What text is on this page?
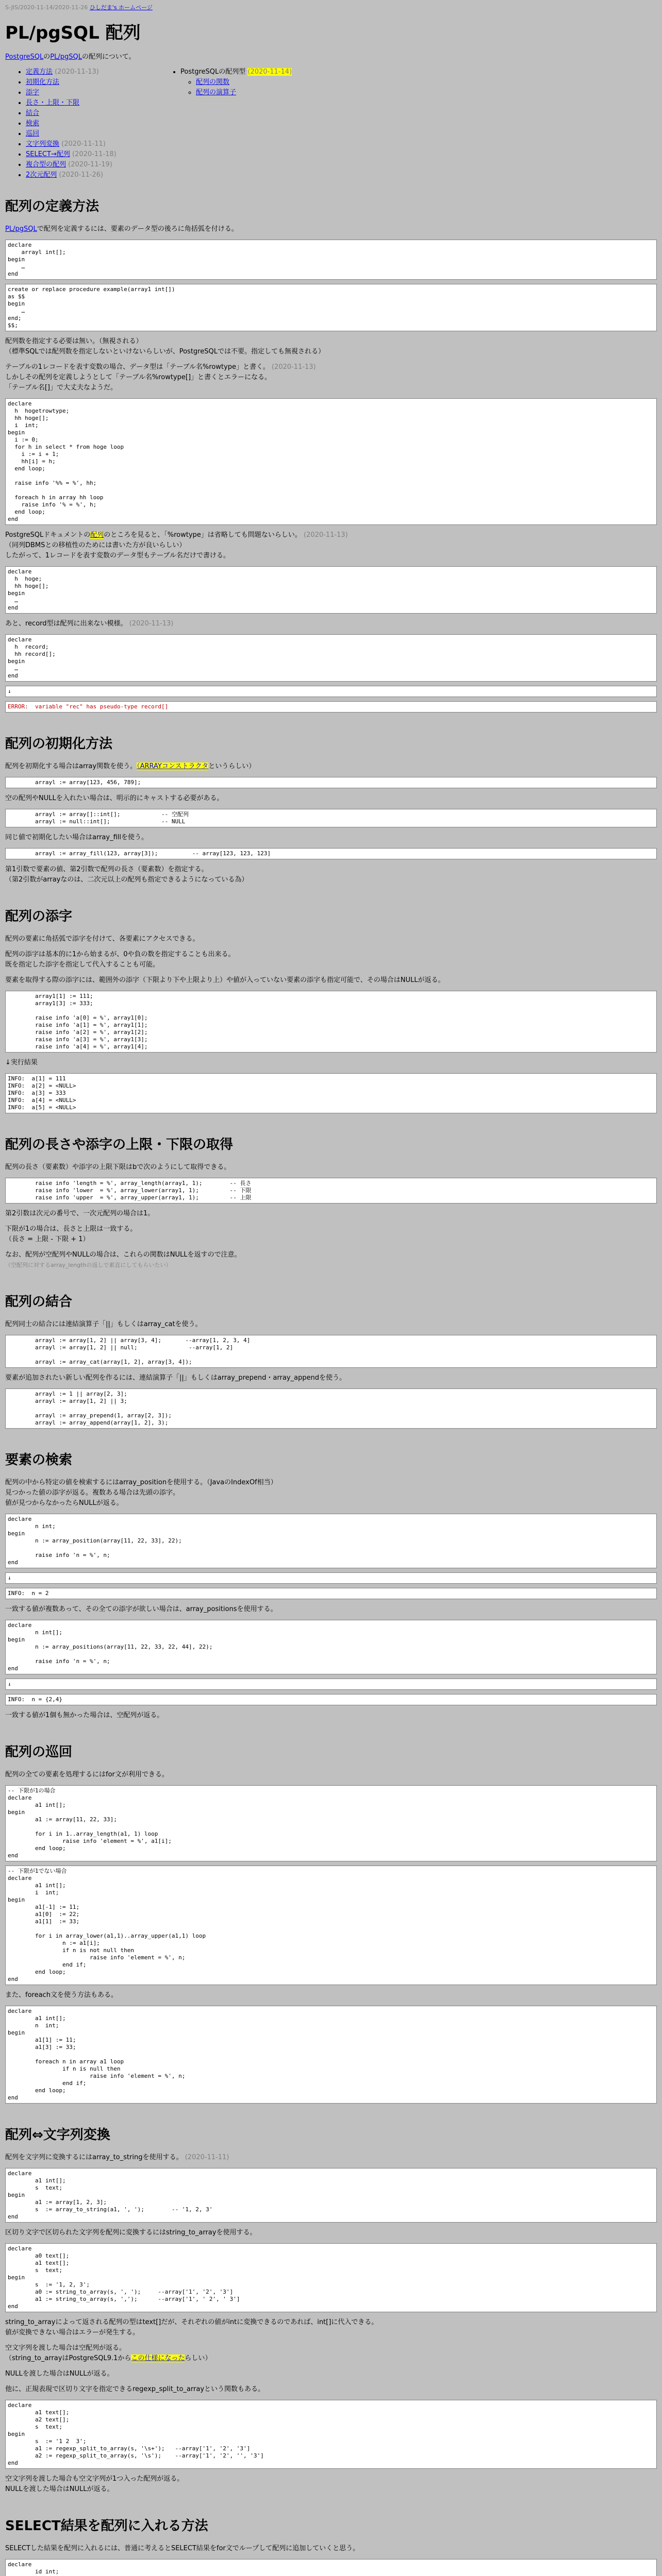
S-JIS/2020-11-14/2020-11-26 ひしだま's ホームページ
PL/pgSQL 配列
PostgreSQLのPL/pgSQLの配列について。
• 定義方法 (2020-11-13)
• 初期化方法
• 添字
• 長さ・上限・下限
• 結合
• 検索
• 巡回
• 文字列変換 (2020-11-11)
• SELECT→配列 (2020-11-18)
• 複合型の配列 (2020-11-19)
• 2次元配列 (2020-11-26)
• PostgreSQLの配列型 (2020-11-14)
◦ 配列の関数
◦ 配列の演算子
配列の定義方法

PL/pgSQLで配列を定義するには、要素のデータ型の後ろに角括弧を付ける。

declare
arrayl int[];
begin
…
end
create or replace procedure example(array1 int[])
as $$
begin
…
end;
$$;

配列数を指定する必要は無い。（無視される）
（標準SQLでは配列数を指定しないといけないらしいが、PostgreSQLでは不要。指定しても無視される）

テーブルの1レコードを表す変数の場合、データ型は「テーブル名%rowtype」と書く。 (2020-11-13)
しかしその配列を定義しようとして「テーブル名%rowtype[]」と書くとエラーになる。
「テーブル名[]」で大丈夫なようだ。

declare
h  hogetrowtype;
hh hoge[];
i  int;
begin
i := 0;
for h in select * from hoge loop
i := i + 1;
hh[i] = h;
end loop;

raise info '%% = %', hh;

foreach h in array hh loop
raise info '% = %', h;
end loop;
end

PostgreSQLドキュメントの配列のところを見ると、「%rowtype」は省略しても問題ないらしい。 (2020-11-13)
（同列DBMSとの移植性のためには書いた方が良いらしい）
したがって、1レコードを表す変数のデータ型もテーブル名だけで書ける。

declare
h  hoge;
hh hoge[];
begin
…
end

あと、record型は配列に出来ない模様。 (2020-11-13)

declare
h  record;
hh record[];
begin
…
end
↓
ERROR:  variable "rec" has pseudo-type record[]
配列の初期化方法

配列を初期化する場合はarray関数を使う。（ARRAYコンストラクタというらしい）

arrayl := array[123, 456, 789];

空の配列やNULLを入れたい場合は、明示的にキャストする必要がある。

arrayl := array[]::int[];            -- 空配列
arrayl := null::int[];               -- NULL

同じ値で初期化したい場合はarray_fillを使う。

arrayl := array_fill(123, array[3]);          -- array[123, 123, 123]

第1引数で要素の値、第2引数で配列の長さ（要素数）を指定する。
（第2引数がarrayなのは、二次元以上の配列も指定できるようになっている為）

配列の添字

配列の要素に角括弧で添字を付けて、各要素にアクセスできる。

配列の添字は基本的に1から始まるが、0や負の数を指定することも出来る。
既を指定した添字を指定して代入することも可能。

要素を取得する際の添字には、範囲外の添字（下限より下や上限より上）や値が入っていない要素の添字も指定可能で、その場合はNULLが返る。

array1[1] := 111;
array1[3] := 333;

raise info 'a[0] = %', array1[0];
raise info 'a[1] = %', array1[1];
raise info 'a[2] = %', array1[2];
raise info 'a[3] = %', array1[3];
raise info 'a[4] = %', array1[4];

↓実行結果

INFO:  a[1] = 111
INFO:  a[2] = <NULL>
INFO:  a[3] = 333
INFO:  a[4] = <NULL>
INFO:  a[5] = <NULL>
配列の長さや添字の上限・下限の取得

配列の長さ（要素数）や添字の上限下限はbで次のようにして取得できる。

raise info 'length = %', array_length(array1, 1);        -- 長さ
raise info 'lower  = %', array_lower(array1, 1);         -- 下限
raise info 'upper  = %', array_upper(array1, 1);         -- 上限

第2引数は次元の番号で、一次元配列の場合は1。

下限が1の場合は、長さと上限は一致する。
（長さ = 上限 - 下限 + 1）

なお、配列が空配列やNULLの場合は、これらの関数はNULLを返すので注意。
（空配列に対するarray_lengthの返しで素直にしてもらいたい）

配列の結合

配列同士の結合には連結演算子「||」もしくはarray_catを使う。

arrayl := array[1, 2] || array[3, 4];       --array[1, 2, 3, 4]
arrayl := array[1, 2] || null;               --array[1, 2]

arrayl := array_cat(array[1, 2], array[3, 4]);

要素が追加されたい新しい配列を作るには、連結演算子「||」もしくはarray_prepend・array_appendを使う。

arrayl := 1 || array[2, 3];
arrayl := array[1, 2] || 3;

arrayl := array_prepend(1, array[2, 3]);
arrayl := array_append(array[1, 2], 3);
要素の検索

配列の中から特定の値を検索するにはarray_positionを使用する。（JavaのIndexOf相当）
見つかった値の添字が返る。複数ある場合は先頭の添字。
値が見つからなかったらNULLが返る。

declare
n int;
begin
n := array_position(array[11, 22, 33], 22);

raise info 'n = %', n;
end
↓
INFO:  n = 2

一致する値が複数あって、その全ての添字が欲しい場合は、array_positionsを使用する。

declare
n int[];
begin
n := array_positions(array[11, 22, 33, 22, 44], 22);

raise info 'n = %', n;
end
↓
INFO:  n = {2,4}

一致する値が1個も無かった場合は、空配列が返る。

配列の巡回

配列の全ての要素を処理するにはfor文が利用できる。

-- 下限が1の場合
declare
a1 int[];
begin
a1 := array[11, 22, 33];

for i in 1..array_length(a1, 1) loop
raise info 'element = %', a1[i];
end loop;
end
-- 下限が1でない場合
declare
a1 int[];
i  int;
begin
a1[-1] := 11;
a1[0]  := 22;
a1[1]  := 33;

for i in array_lower(a1,1)..array_upper(a1,1) loop
n := a1[i];
if n is not null then
raise info 'element = %', n;
end if;
end loop;
end

また、foreach文を使う方法もある。

declare
a1 int[];
n  int;
begin
a1[1] := 11;
a1[3] := 33;

foreach n in array a1 loop
if n is null then
raise info 'element = %', n;
end if;
end loop;
end
配列⇔文字列変換

配列を文字列に変換するにはarray_to_stringを使用する。 (2020-11-11)

declare
a1 int[];
s  text;
begin
a1 := array[1, 2, 3];
s  := array_to_string(a1, ', ');        -- '1, 2, 3'
end

区切り文字で区切られた文字列を配列に変換するにはstring_to_arrayを使用する。

declare
a0 text[];
a1 text[];
s  text;
begin
s  := '1, 2, 3';
a0 := string_to_array(s, ', ');     --array['1', '2', '3']
a1 := string_to_array(s, ',');      --array['1', ' 2', ' 3']
end

string_to_arrayによって返される配列の型はtext[]だが、それぞれの値がintに変換できるのであれば、int[]に代入できる。
値が変換できない場合はエラーが発生する。

空文字列を渡した場合は空配列が返る。
（string_to_arrayはPostgreSQL9.1からこの仕様になったらしい）

NULLを渡した場合はNULLが返る。

他に、正規表現で区切り文字を指定できるregexp_split_to_arrayという関数もある。

declare
a1 text[];
a2 text[];
s  text;
begin
s  := '1 2  3';
a1 := regexp_split_to_array(s, '\s+');   --array['1', '2', '3']
a2 := regexp_split_to_array(s, '\s');    --array['1', '2', '', '3']
end

空文字列を渡した場合も空文字列が1つ入った配列が返る。
NULLを渡した場合はNULLが返る。

SELECT結果を配列に入れる方法

SELECTした結果を配列に入れるには、普通に考えるとSELECT結果をfor文でループして配列に追加していくと思う。

declare
id int;
